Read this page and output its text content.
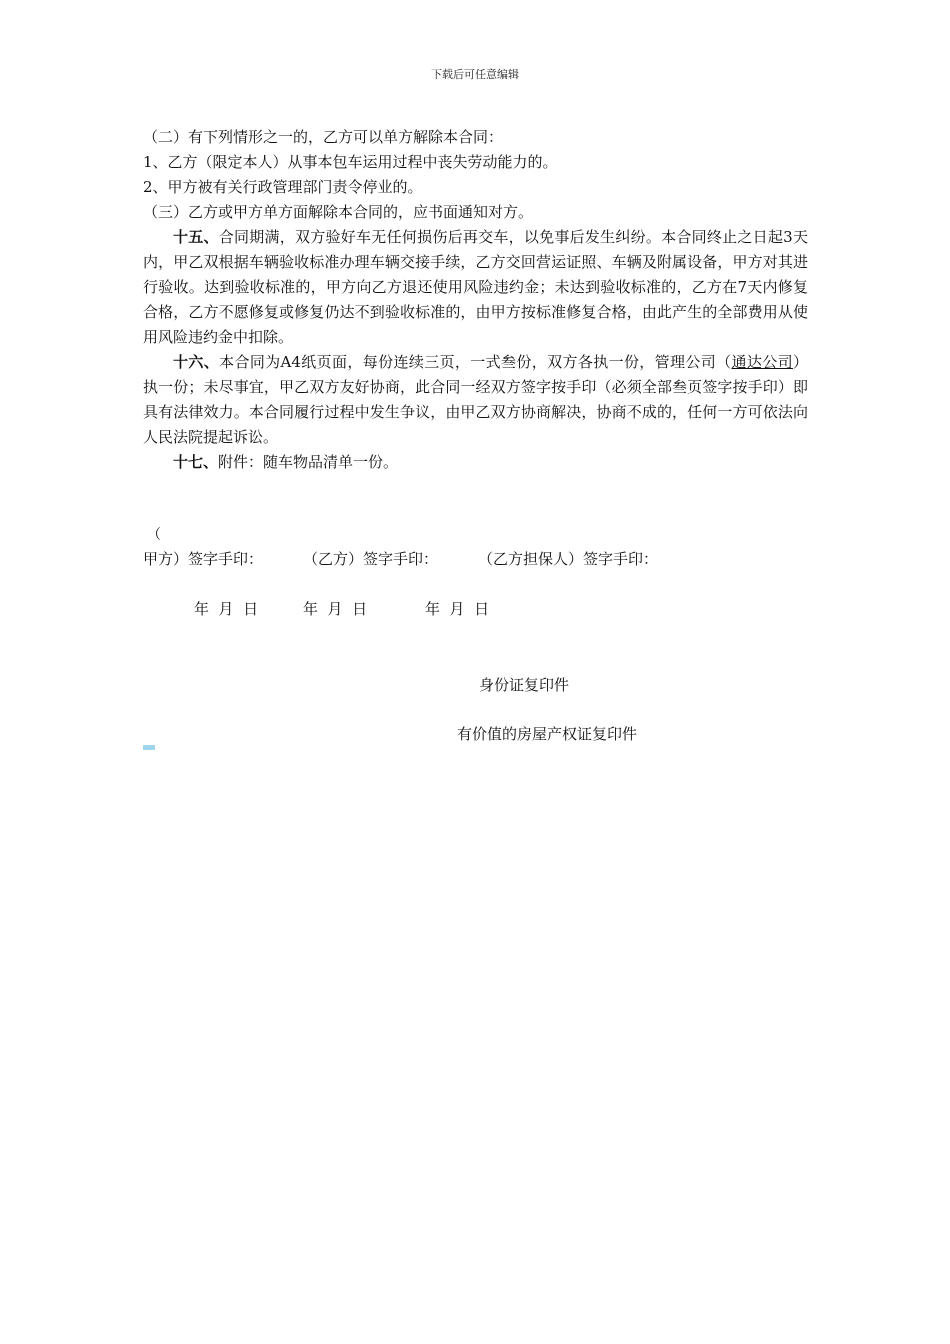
下载后可任意编辑
（二）有下列情形之一的，乙方可以单方解除本合同：
1、乙方（限定本人）从事本包车运用过程中丧失劳动能力的。
2、甲方被有关行政管理部门责令停业的。
（三）乙方或甲方单方面解除本合同的，应书面通知对方。
十五、合同期满，双方验好车无任何损伤后再交车，以免事后发生纠纷。本合同终止之日起3天内，甲乙双根据车辆验收标准办理车辆交接手续，乙方交回营运证照、车辆及附属设备，甲方对其进行验收。达到验收标准的，甲方向乙方退还使用风险违约金；未达到验收标准的，乙方在7天内修复合格，乙方不愿修复或修复仍达不到验收标准的，由甲方按标准修复合格，由此产生的全部费用从使用风险违约金中扣除。
十六、本合同为A4纸页面，每份连续三页，一式叁份，双方各执一份，管理公司（通达公司）执一份；未尽事宜，甲乙双方友好协商，此合同一经双方签字按手印（必须全部叁页签字按手印）即具有法律效力。本合同履行过程中发生争议，由甲乙双方协商解决，协商不成的，任何一方可依法向人民法院提起诉讼。
十七、附件：随车物品清单一份。
（
甲方）签字手印：	（乙方）签字手印：	（乙方担保人）签字手印：
年  月  日	年  月  日	年  月  日
身份证复印件
有价值的房屋产权证复印件
